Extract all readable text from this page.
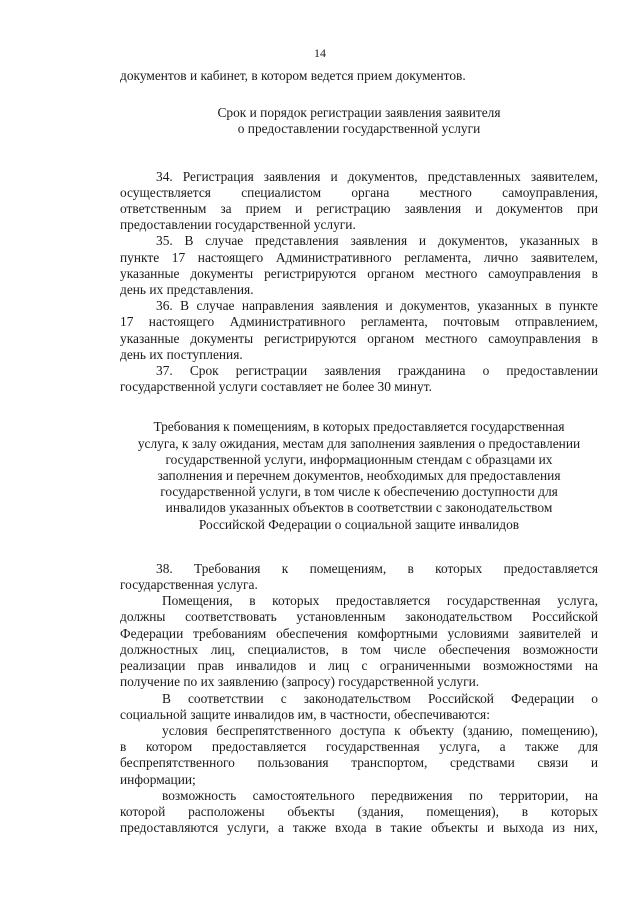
14

документов и кабинет, в котором ведется прием документов.

Срок и порядок регистрации заявления заявителя

о предоставлении государственной услуги

34. Регистрация заявления и документов, представленных заявителем,

осуществляется специалистом органа местного самоуправления,

ответственным за прием и регистрацию заявления и документов при

предоставлении государственной услуги.

35. В случае представления заявления и документов, указанных в

пункте 17 настоящего Административного регламента, лично заявителем,

указанные документы регистрируются органом местного самоуправления в

день их представления.

36. В случае направления заявления и документов, указанных в пункте

17 настоящего Административного регламента, почтовым отправлением,

указанные документы регистрируются органом местного самоуправления в

день их поступления.

37. Срок регистрации заявления гражданина о предоставлении

государственной услуги составляет не более 30 минут.

Требования к помещениям, в которых предоставляется государственная

услуга, к залу ожидания, местам для заполнения заявления о предоставлении

государственной услуги, информационным стендам с образцами их

заполнения и перечнем документов, необходимых для предоставления

государственной услуги, в том числе к обеспечению доступности для

инвалидов указанных объектов в соответствии с законодательством

Российской Федерации о социальной защите инвалидов

38. Требования к помещениям, в которых предоставляется

государственная услуга.

Помещения, в которых предоставляется государственная услуга,

должны соответствовать установленным законодательством Российской

Федерации требованиям обеспечения комфортными условиями заявителей и

должностных лиц, специалистов, в том числе обеспечения возможности

реализации прав инвалидов и лиц с ограниченными возможностями на

получение по их заявлению (запросу) государственной услуги.

В соответствии с законодательством Российской Федерации о

социальной защите инвалидов им, в частности, обеспечиваются:

условия беспрепятственного доступа к объекту (зданию, помещению),

в котором предоставляется государственная услуга, а также для

беспрепятственного пользования транспортом, средствами связи и

информации;

возможность самостоятельного передвижения по территории, на

которой расположены объекты (здания, помещения), в которых

предоставляются услуги, а также входа в такие объекты и выхода из них,
